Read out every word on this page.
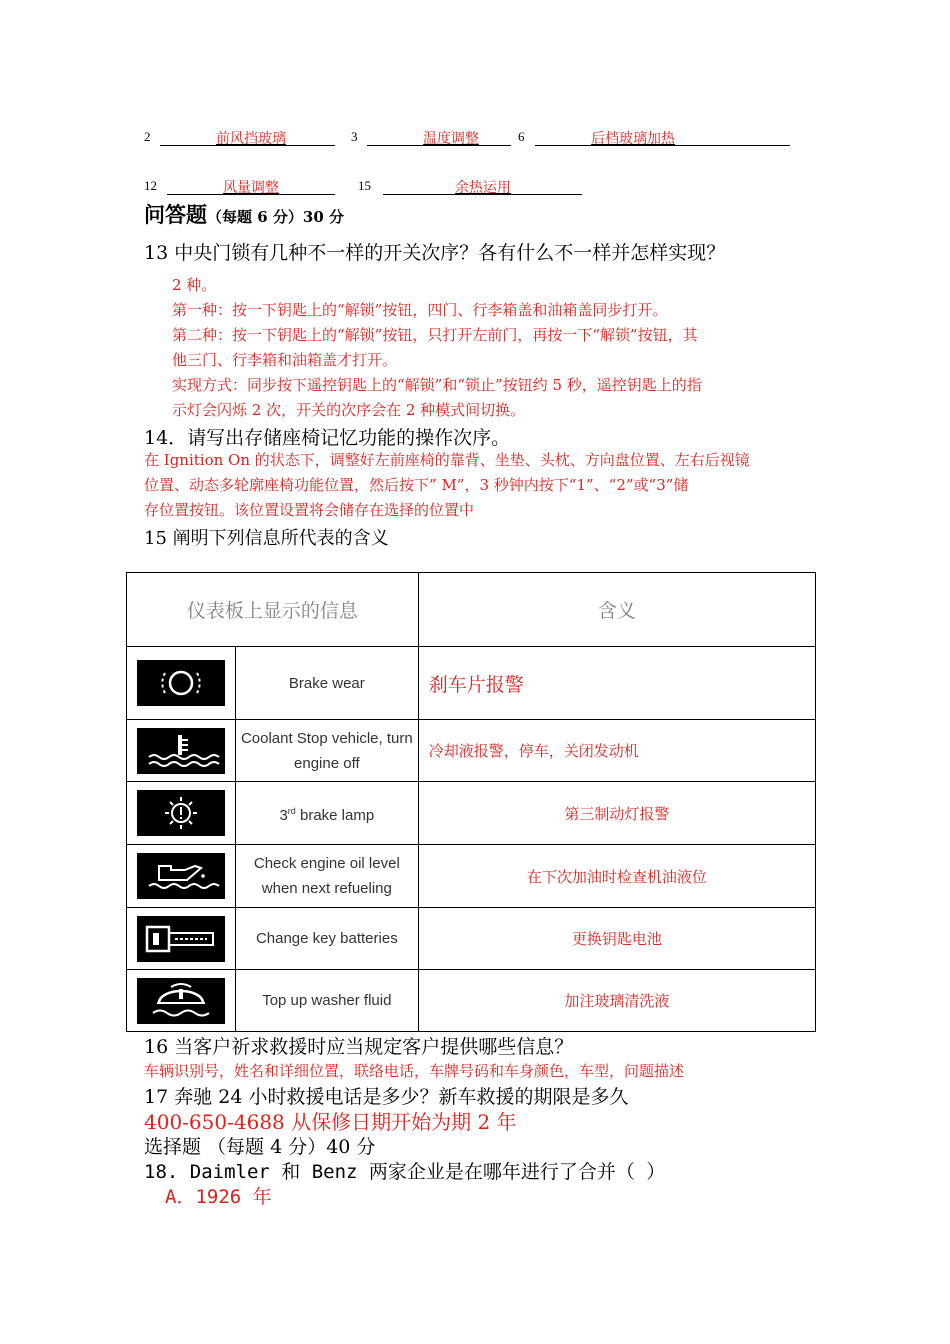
2	前风挡玻璃	3	温度调整	6	后档玻璃加热
12	风量调整	15	余热运用
问答题（每题 6 分）30 分
13 中央门锁有几种不一样的开关次序？各有什么不一样并怎样实现？
2 种。
第一种：按一下钥匙上的“解锁”按钮，四门、行李箱盖和油箱盖同步打开。
第二种：按一下钥匙上的“解锁”按钮，只打开左前门，再按一下“解锁”按钮，其
他三门、行李箱和油箱盖才打开。
实现方式：同步按下遥控钥匙上的“解锁”和“锁止”按钮约 5 秒，遥控钥匙上的指
示灯会闪烁 2 次，开关的次序会在 2 种模式间切换。
14．请写出存储座椅记忆功能的操作次序。
在 Ignition On 的状态下，调整好左前座椅的靠背、坐垫、头枕、方向盘位置、左右后视镜
位置、动态多轮廓座椅功能位置，然后按下” M”，3 秒钟内按下“1”、“2”或“3”储
存位置按钮。该位置设置将会储存在选择的位置中
15 阐明下列信息所代表的含义
仪表板上显示的信息		含义

	Brake wear	刹车片报警

	Coolant Stop vehicle, turn engine off	冷却液报警，停车，关闭发动机

	3rd brake lamp	第三制动灯报警

	Check engine oil level when next refueling	在下次加油时检查机油液位

	Change key batteries	更换钥匙电池

	Top up washer fluid	加注玻璃清洗液
16 当客户祈求救援时应当规定客户提供哪些信息？
车辆识别号，姓名和详细位置，联络电话，车牌号码和车身颜色，车型，问题描述
17 奔驰 24 小时救援电话是多少？新车救援的期限是多久
400-650-4688 从保修日期开始为期 2 年
选择题 （每题 4 分）40 分
18. Daimler 和 Benz 两家企业是在哪年进行了合并（ ）
A．1926 年
